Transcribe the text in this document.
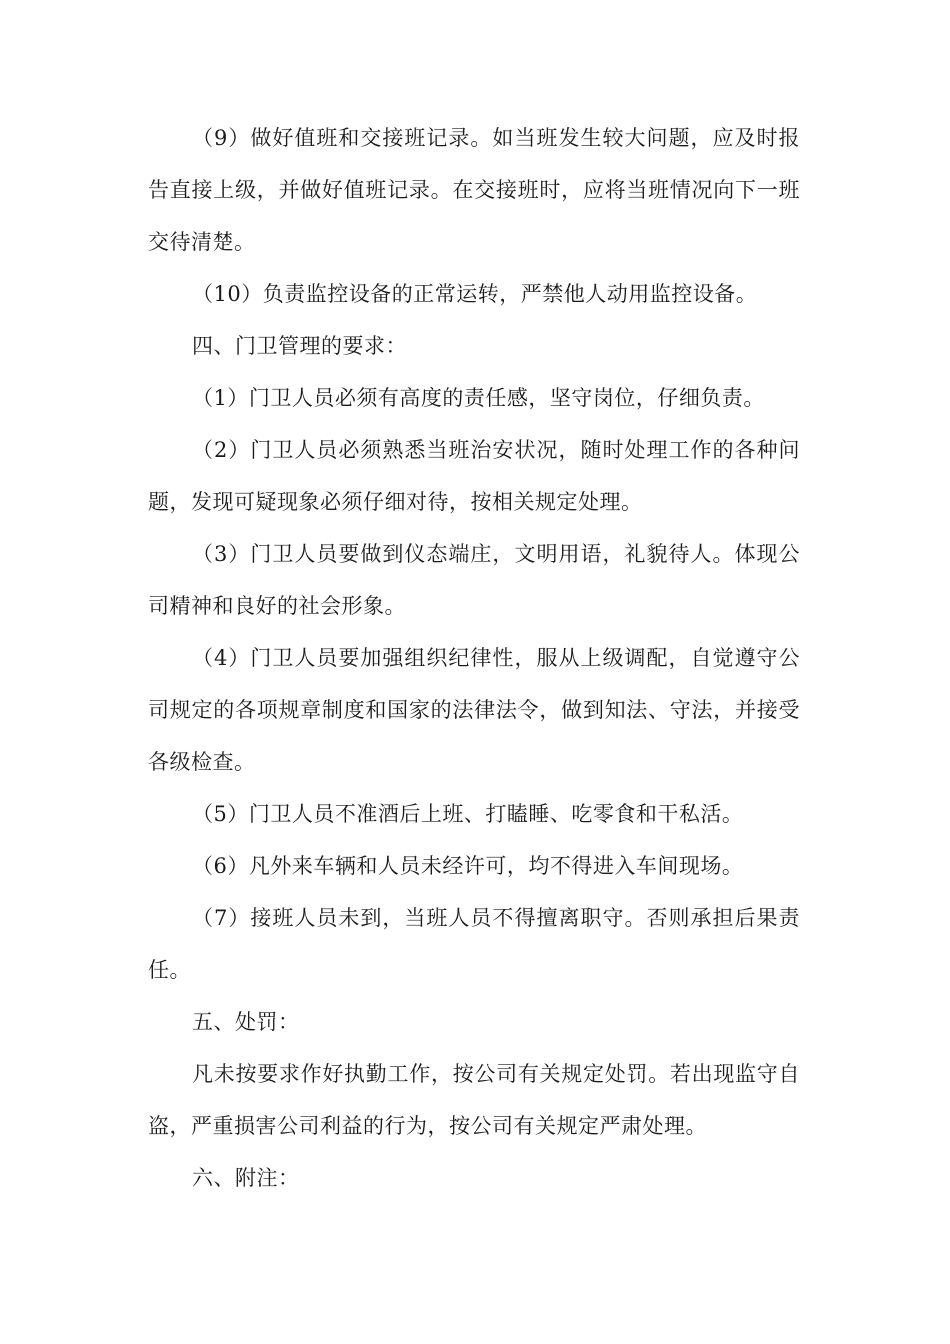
（9）做好值班和交接班记录。如当班发生较大问题，应及时报告直接上级，并做好值班记录。在交接班时，应将当班情况向下一班交待清楚。

（10）负责监控设备的正常运转，严禁他人动用监控设备。

四、门卫管理的要求：

（1）门卫人员必须有高度的责任感，坚守岗位，仔细负责。

（2）门卫人员必须熟悉当班治安状况，随时处理工作的各种问题，发现可疑现象必须仔细对待，按相关规定处理。

（3）门卫人员要做到仪态端庄，文明用语，礼貌待人。体现公司精神和良好的社会形象。

（4）门卫人员要加强组织纪律性，服从上级调配，自觉遵守公司规定的各项规章制度和国家的法律法令，做到知法、守法，并接受各级检查。

（5）门卫人员不准酒后上班、打瞌睡、吃零食和干私活。

（6）凡外来车辆和人员未经许可，均不得进入车间现场。

（7）接班人员未到，当班人员不得擅离职守。否则承担后果责任。

五、处罚：

凡未按要求作好执勤工作，按公司有关规定处罚。若出现监守自盗，严重损害公司利益的行为，按公司有关规定严肃处理。

六、附注：
